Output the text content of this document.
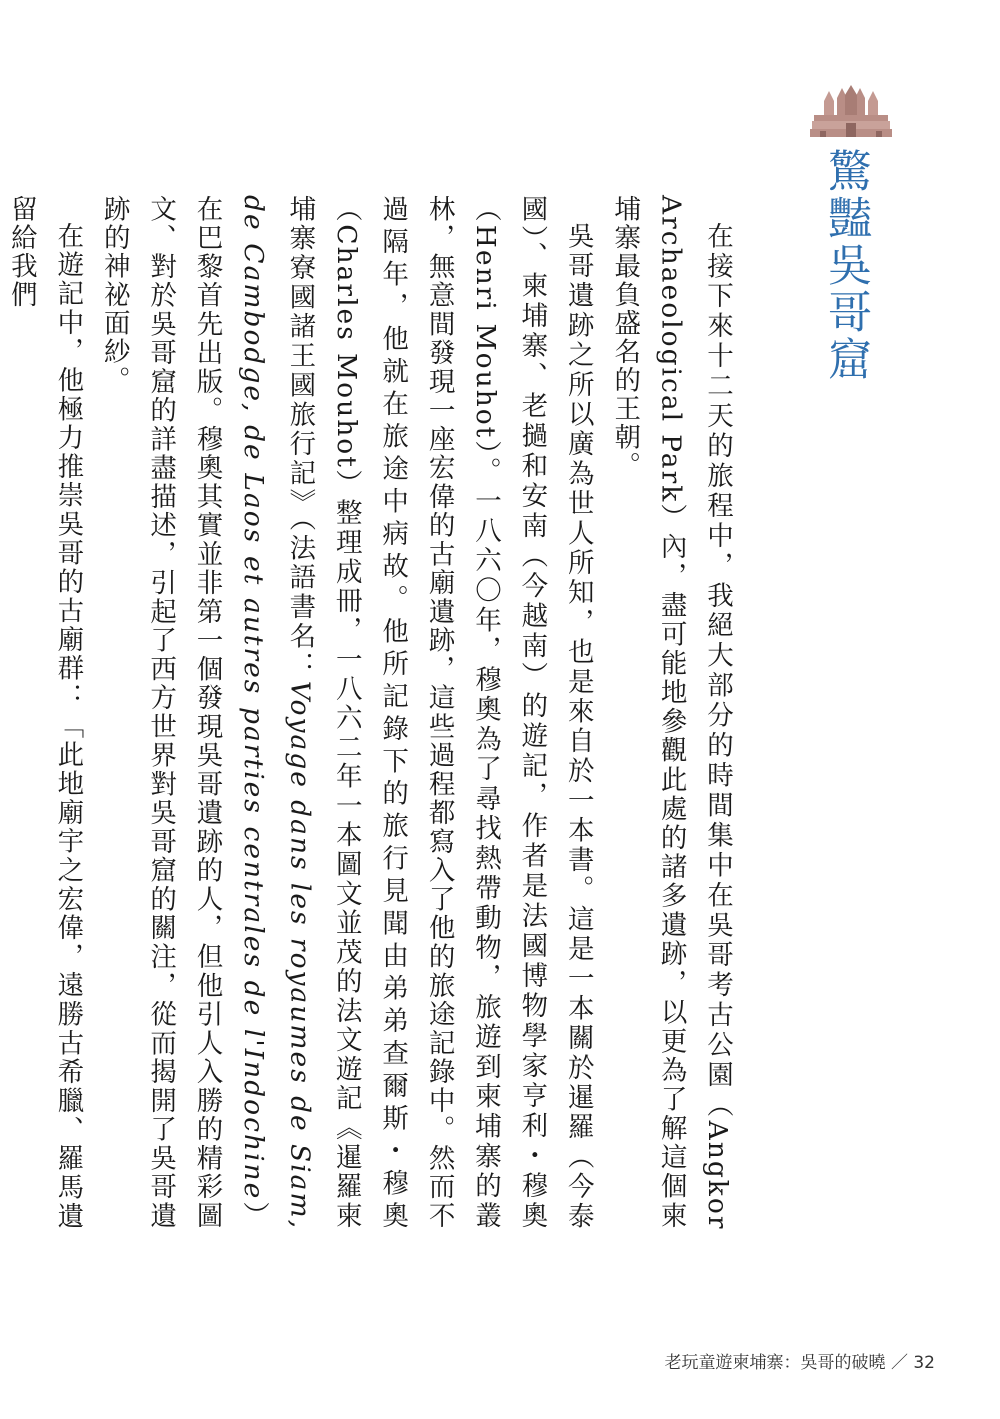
驚豔吳哥窟

在接下來十二天的旅程中，我絕大部分的時間集中在吳哥考古公園（Angkor Archaeological Park）內，盡可能地參觀此處的諸多遺跡，以更為了解這個柬埔寨最負盛名的王朝。

吳哥遺跡之所以廣為世人所知，也是來自於一本書。這是一本關於暹羅（今泰國）、柬埔寨、老撾和安南（今越南）的遊記，作者是法國博物學家亨利・穆奧（Henri Mouhot）。一八六〇年，穆奧為了尋找熱帶動物，旅遊到柬埔寨的叢林，無意間發現一座宏偉的古廟遺跡，這些過程都寫入了他的旅途記錄中。然而不過隔年，他就在旅途中病故。他所記錄下的旅行見聞由弟弟查爾斯・穆奧（Charles Mouhot）整理成冊，一八六二年一本圖文並茂的法文遊記《暹羅柬埔寨寮國諸王國旅行記》（法語書名：Voyage dans les royaumes de Siam, de Cambodge, de Laos et autres parties centrales de l'Indochine）在巴黎首先出版。穆奧其實並非第一個發現吳哥遺跡的人，但他引人入勝的精彩圖文、對於吳哥窟的詳盡描述，引起了西方世界對吳哥窟的關注，從而揭開了吳哥遺跡的神祕面紗。

在遊記中，他極力推崇吳哥的古廟群：「此地廟宇之宏偉，遠勝古希臘、羅馬遺留給我們

老玩童遊柬埔寨：吳哥的破曉 ／ 32
